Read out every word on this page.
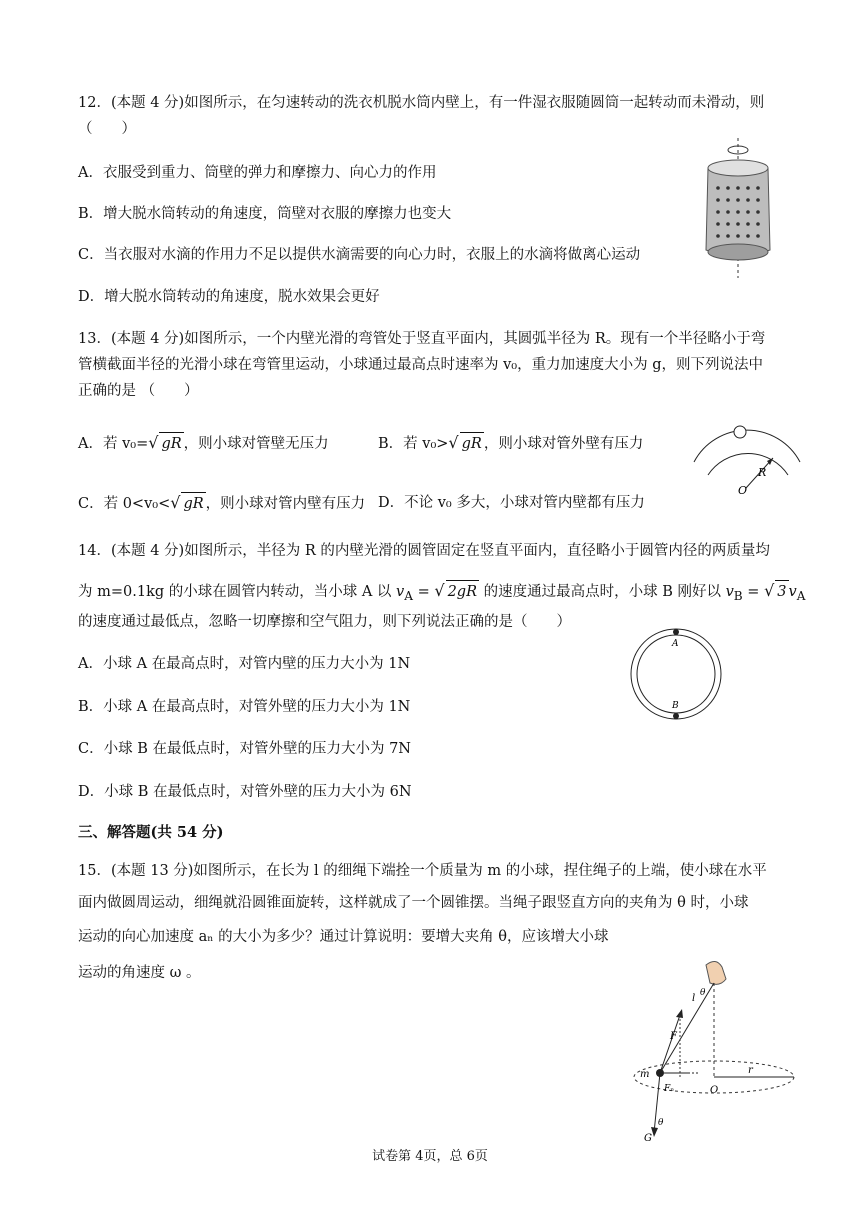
12．(本题 4 分)如图所示，在匀速转动的洗衣机脱水筒内壁上，有一件湿衣服随圆筒一起转动而未滑动，则
（　　）
A．衣服受到重力、筒壁的弹力和摩擦力、向心力的作用
B．增大脱水筒转动的角速度，筒壁对衣服的摩擦力也变大
C．当衣服对水滴的作用力不足以提供水滴需要的向心力时，衣服上的水滴将做离心运动
D．增大脱水筒转动的角速度，脱水效果会更好
13．(本题 4 分)如图所示，一个内壁光滑的弯管处于竖直平面内，其圆弧半径为 R。现有一个半径略小于弯
管横截面半径的光滑小球在弯管里运动，小球通过最高点时速率为 v₀，重力加速度大小为 g，则下列说法中
正确的是 （　　）
A．若 v₀=√ gR ，则小球对管壁无压力	B．若 v₀>√ gR ，则小球对管外壁有压力
C．若 0<v₀<√ gR ，则小球对管内壁有压力 D．不论 v₀ 多大，小球对管内壁都有压力
R
O
14．(本题 4 分)如图所示，半径为 R 的内壁光滑的圆管固定在竖直平面内，直径略小于圆管内径的两质量均
为 m=0.1kg 的小球在圆管内转动，当小球 A 以 $v_A$ = √ 2gR 的速度通过最高点时，小球 B 刚好以 $v_B$ = √ 3 $v_A$
的速度通过最低点，忽略一切摩擦和空气阻力，则下列说法正确的是（　　）
A．小球 A 在最高点时，对管内壁的压力大小为 1N
B．小球 A 在最高点时，对管外壁的压力大小为 1N
C．小球 B 在最低点时，对管外壁的压力大小为 7N
D．小球 B 在最低点时，对管外壁的压力大小为 6N
A
B
三、解答题(共 54 分)
15．(本题 13 分)如图所示，在长为 l 的细绳下端拴一个质量为 m 的小球，捏住绳子的上端，使小球在水平
面内做圆周运动，细绳就沿圆锥面旋转，这样就成了一个圆锥摆。当绳子跟竖直方向的夹角为 θ 时，小球
运动的向心加速度 aₙ 的大小为多少？通过计算说明：要增大夹角 θ，应该增大小球
运动的角速度 ω 。
l θ
F
m
Fₙ	O
r
θ
G
试卷第 4页，总 6页
